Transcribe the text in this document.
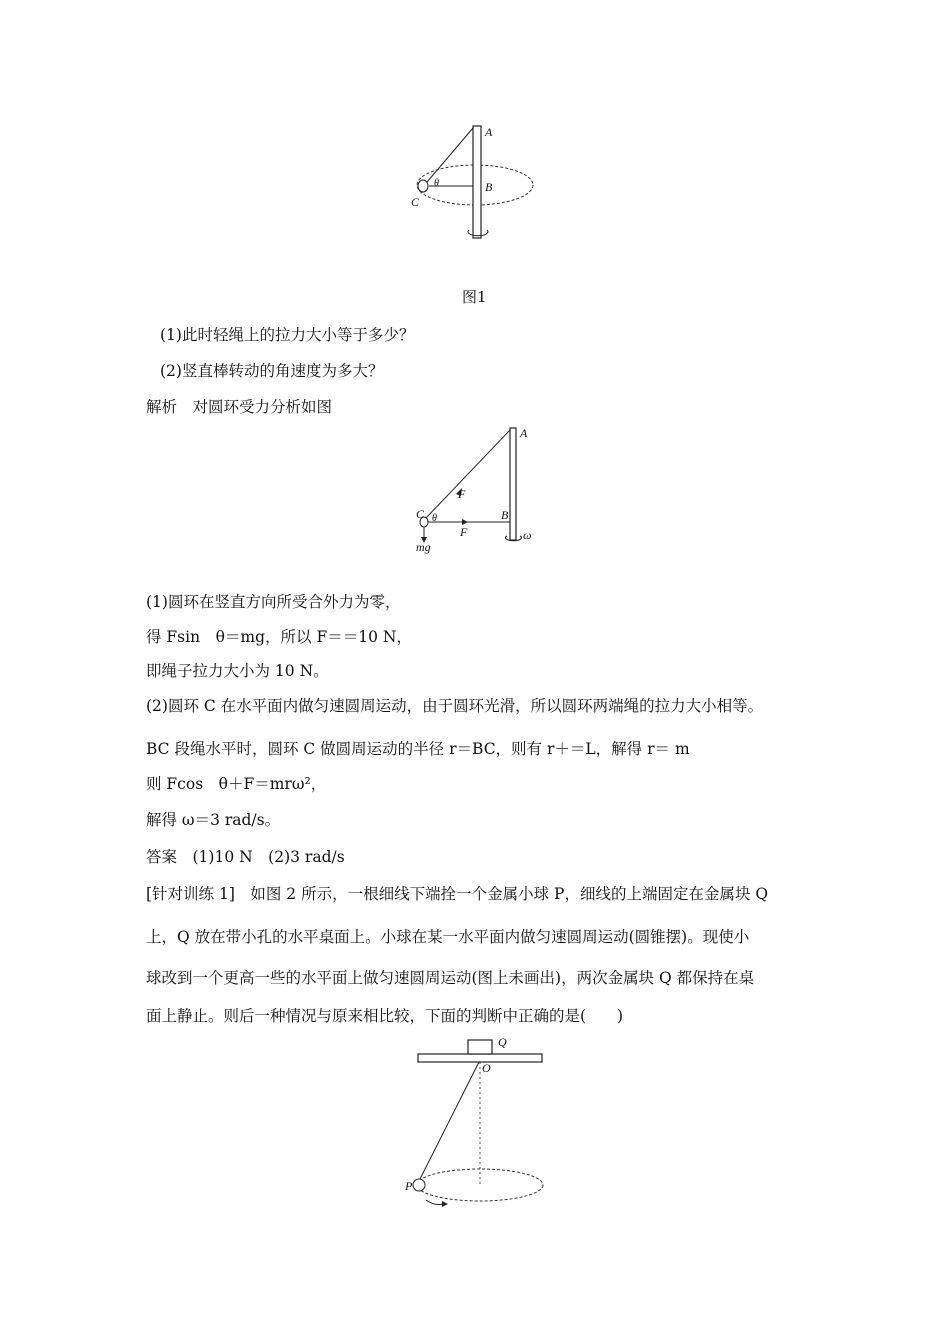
A
B
C
θ
图1
(1)此时轻绳上的拉力大小等于多少？
(2)竖直棒转动的角速度为多大？
解析　对圆环受力分析如图
A
B
C θ
F
F
mg
ω
(1)圆环在竖直方向所受合外力为零，
得 Fsin　θ＝mg，所以 F＝＝10 N，
即绳子拉力大小为 10 N。
(2)圆环 C 在水平面内做匀速圆周运动，由于圆环光滑，所以圆环两端绳的拉力大小相等。
BC 段绳水平时，圆环 C 做圆周运动的半径 r＝BC，则有 r＋＝L，解得 r＝ m
则 Fcos　θ＋F＝mrω²，
解得 ω＝3 rad/s。
答案　(1)10 N　(2)3 rad/s
[针对训练 1]　如图 2 所示，一根细线下端拴一个金属小球 P，细线的上端固定在金属块 Q
上，Q 放在带小孔的水平桌面上。小球在某一水平面内做匀速圆周运动(圆锥摆)。现使小
球改到一个更高一些的水平面上做匀速圆周运动(图上未画出)，两次金属块 Q 都保持在桌
面上静止。则后一种情况与原来相比较，下面的判断中正确的是(　　)
Q
O
P
